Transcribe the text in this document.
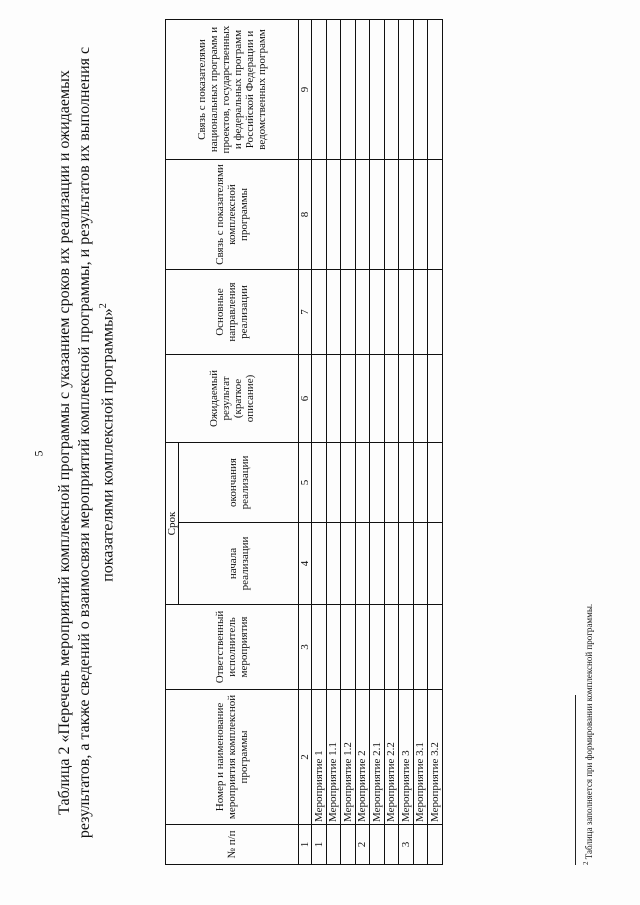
5 Таблица 2 «Перечень мероприятий комплексной программы с указанием сроков их реализации и ожидаемых результатов, а также сведений о взаимосвязи мероприятий комплексной программы, и результатов их выполнения с показателями комплексной программы»$^2$
№ п/п	Номер и наименование мероприятия комплексной программы	Ответственный исполнитель мероприятия	Срок		Ожидаемый результат (краткое описание)	Основные направления реализации	Связь с показателями комплексной программы	Связь с показателями национальных программ и проектов, государственных и федеральных программ Российской Федерации и ведомственных программ
			начала реализации	окончания реализации				
1	2	3	4	5	6	7	8	9
1	Мероприятие 1							
	Мероприятие 1.1							
	Мероприятие 1.2							
2	Мероприятие 2							
	Мероприятие 2.1							
	Мероприятие 2.2							
3	Мероприятие 3							
	Мероприятие 3.1							
	Мероприятие 3.2							
$^2$ Таблица заполняется при формировании комплексной программы.
